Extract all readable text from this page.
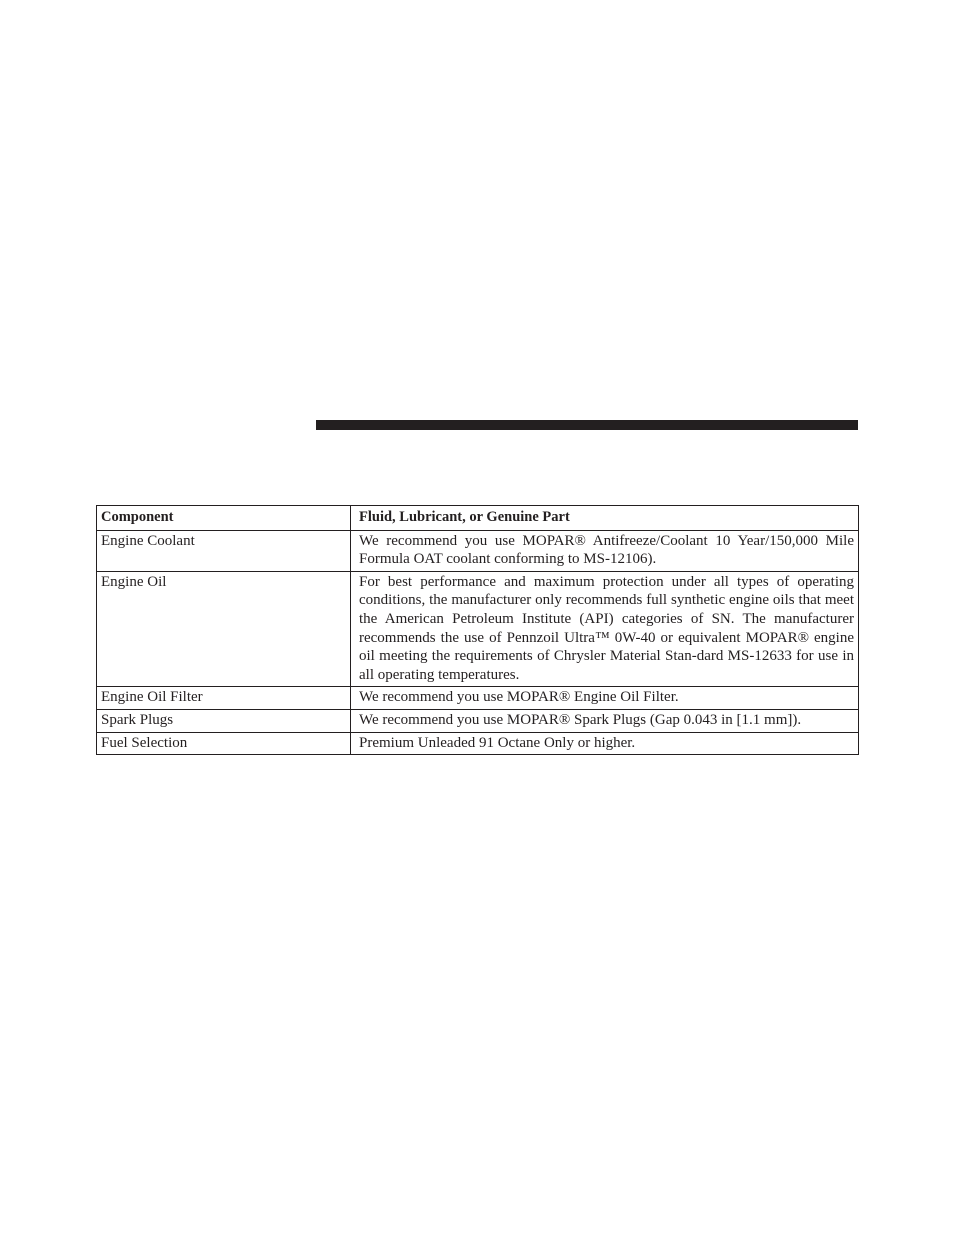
Component	Fluid, Lubricant, or Genuine Part
Engine Coolant	We recommend you use MOPAR® Antifreeze/Coolant 10 Year/150,000 Mile Formula OAT coolant conforming to MS-12106).
Engine Oil	For best performance and maximum protection under all types of operating conditions, the manufacturer only recommends full synthetic engine oils that meet the American Petroleum Institute (API) categories of SN. The manufacturer recommends the use of Pennzoil Ultra™ 0W-40 or equivalent MOPAR® engine oil meeting the requirements of Chrysler Material Stan-dard MS-12633 for use in all operating temperatures.
Engine Oil Filter	We recommend you use MOPAR® Engine Oil Filter.
Spark Plugs	We recommend you use MOPAR® Spark Plugs (Gap 0.043 in [1.1 mm]).
Fuel Selection	Premium Unleaded 91 Octane Only or higher.
